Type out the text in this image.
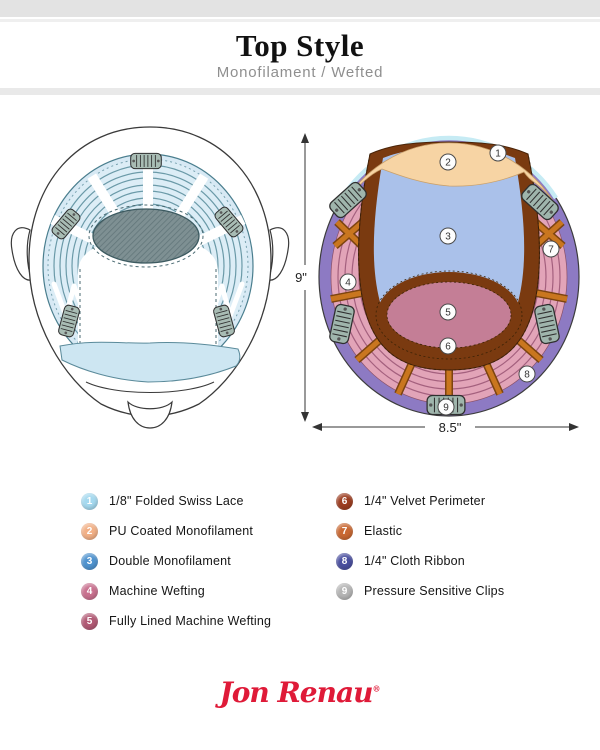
Top Style
Monofilament / Wefted
1
2
3
4
5
6
7
8
9
9"
8.5"
1 1/8" Folded Swiss Lace
2 PU Coated Monofilament
3 Double Monofilament
4 Machine Wefting
5 Fully Lined Machine Wefting
6 1/4" Velvet Perimeter
7 Elastic
8 1/4" Cloth Ribbon
9 Pressure Sensitive Clips
Jon Renau®
